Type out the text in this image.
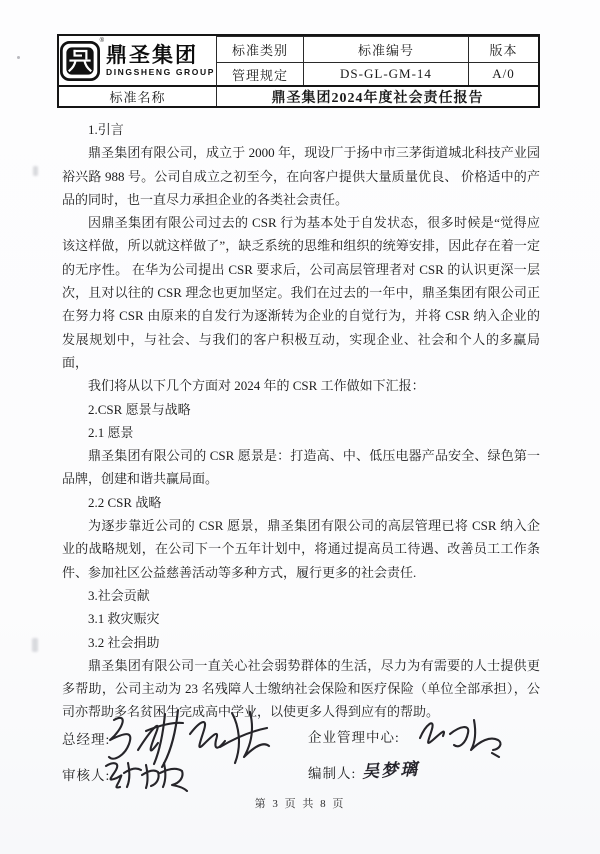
®
鼎圣集团
DINGSHENG GROUP
标准类别	标准编号	版本
管理规定	DS-GL-GM-14	A/0
标准名称	鼎圣集团2024年度社会责任报告

1.引言

鼎圣集团有限公司，成立于 2000 年，现设厂于扬中市三茅街道城北科技产业园裕兴路 988 号。公司自成立之初至今，在向客户提供大量质量优良、 价格适中的产品的同时，也一直尽力承担企业的各类社会责任。

因鼎圣集团有限公司过去的 CSR 行为基本处于自发状态，很多时候是“觉得应该这样做，所以就这样做了”，缺乏系统的思维和组织的统筹安排，因此存在着一定的无序性。 在华为公司提出 CSR 要求后，公司高层管理者对 CSR 的认识更深一层次，且对以往的 CSR 理念也更加坚定。我们在过去的一年中，鼎圣集团有限公司正在努力将 CSR 由原来的自发行为逐渐转为企业的自觉行为，并将 CSR 纳入企业的发展规划中，与社会、与我们的客户积极互动，实现企业、社会和个人的多赢局面，

我们将从以下几个方面对 2024 年的 CSR 工作做如下汇报：

2.CSR 愿景与战略

2.1 愿景

鼎圣集团有限公司的 CSR 愿景是：打造高、中、低压电器产品安全、绿色第一品牌，创建和谐共赢局面。

2.2 CSR 战略

为逐步靠近公司的 CSR 愿景，鼎圣集团有限公司的高层管理已将 CSR 纳入企业的战略规划，在公司下一个五年计划中，将通过提高员工待遇、改善员工工作条件、参加社区公益慈善活动等多种方式，履行更多的社会责任.

3.社会贡献

3.1 救灾赈灾

3.2 社会捐助

鼎圣集团有限公司一直关心社会弱势群体的生活，尽力为有需要的人士提供更多帮助，公司主动为 23 名残障人士缴纳社会保险和医疗保险（单位全部承担），公司亦帮助多名贫困生完成高中学业，以使更多人得到应有的帮助。

总经理:	企业管理中心:
审核人:	编制人: 吴梦璃
第 3 页 共 8 页
